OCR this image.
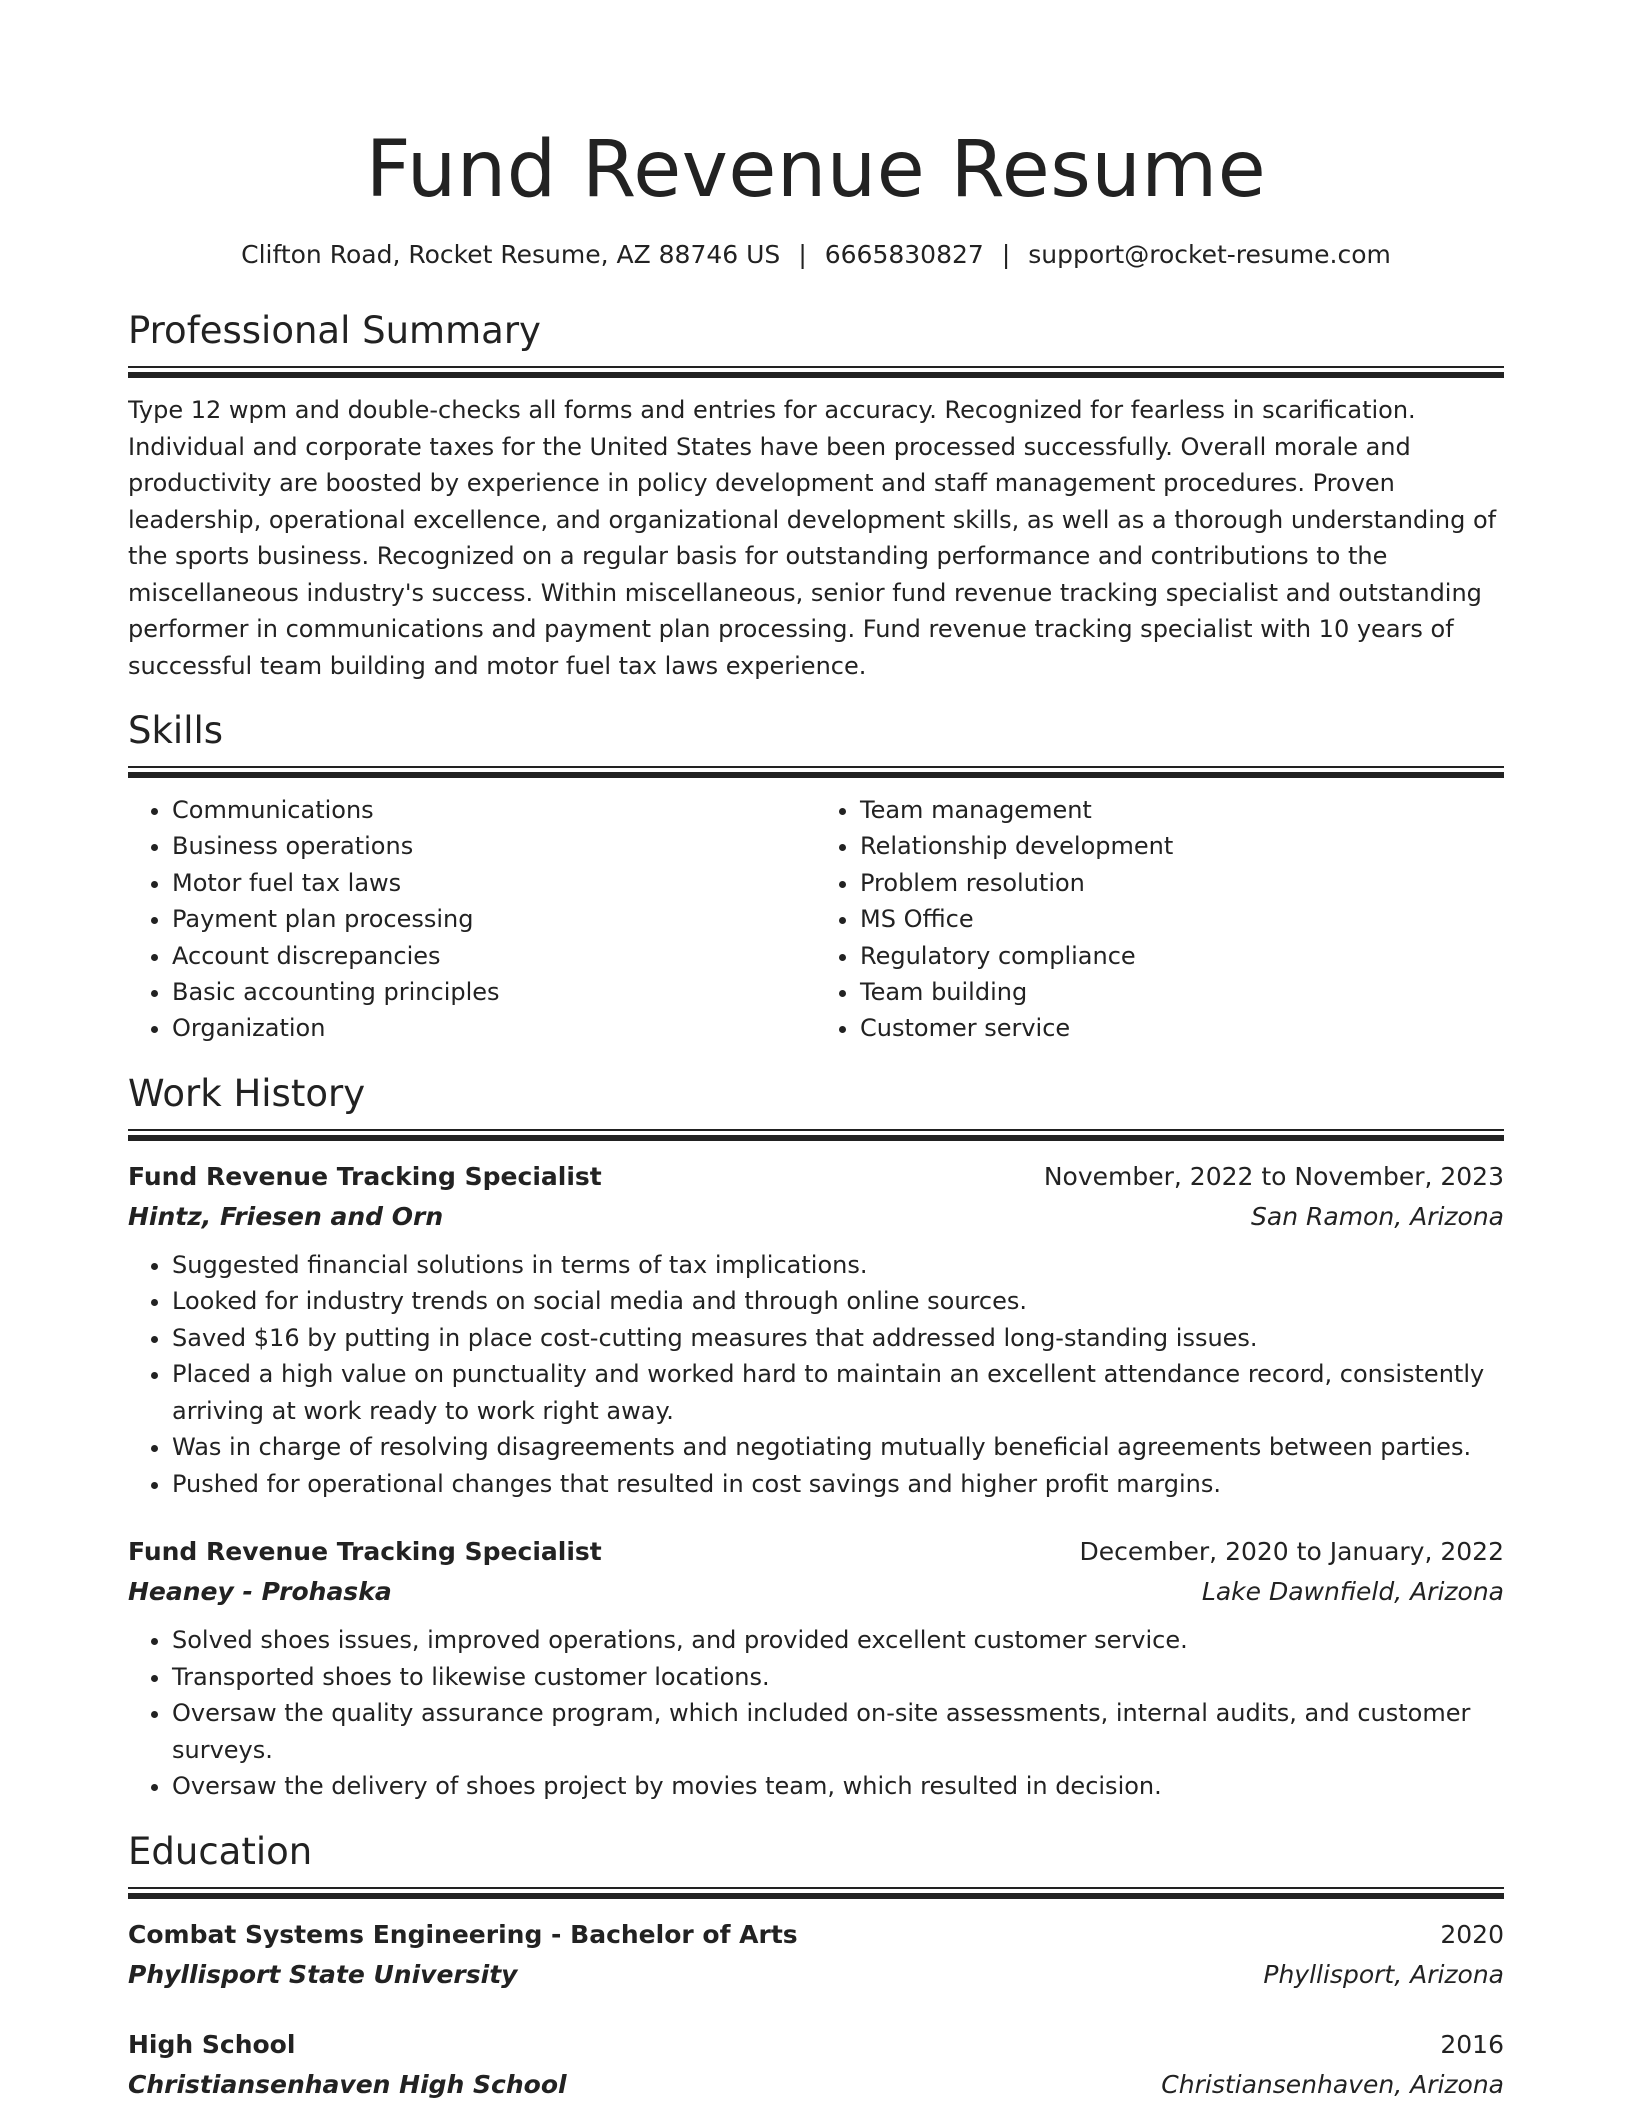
Fund Revenue Resume
Clifton Road, Rocket Resume, AZ 88746 US | 6665830827 | support@rocket-resume.com
Professional Summary
Type 12 wpm and double-checks all forms and entries for accuracy. Recognized for fearless in scarification. Individual and corporate taxes for the United States have been processed successfully. Overall morale and productivity are boosted by experience in policy development and staff management procedures. Proven leadership, operational excellence, and organizational development skills, as well as a thorough understanding of the sports business. Recognized on a regular basis for outstanding performance and contributions to the miscellaneous industry's success. Within miscellaneous, senior fund revenue tracking specialist and outstanding performer in communications and payment plan processing. Fund revenue tracking specialist with 10 years of successful team building and motor fuel tax laws experience.
Skills
• Communications
• Business operations
• Motor fuel tax laws
• Payment plan processing
• Account discrepancies
• Basic accounting principles
• Organization
• Team management
• Relationship development
• Problem resolution
• MS Office
• Regulatory compliance
• Team building
• Customer service
Work History
Fund Revenue Tracking Specialist	November, 2022 to November, 2023
Hintz, Friesen and Orn	San Ramon, Arizona
• Suggested financial solutions in terms of tax implications.
• Looked for industry trends on social media and through online sources.
• Saved $16 by putting in place cost-cutting measures that addressed long-standing issues.
• Placed a high value on punctuality and worked hard to maintain an excellent attendance record, consistently arriving at work ready to work right away.
• Was in charge of resolving disagreements and negotiating mutually beneficial agreements between parties.
• Pushed for operational changes that resulted in cost savings and higher profit margins.
Fund Revenue Tracking Specialist	December, 2020 to January, 2022
Heaney - Prohaska	Lake Dawnfield, Arizona
• Solved shoes issues, improved operations, and provided excellent customer service.
• Transported shoes to likewise customer locations.
• Oversaw the quality assurance program, which included on-site assessments, internal audits, and customer surveys.
• Oversaw the delivery of shoes project by movies team, which resulted in decision.
Education
Combat Systems Engineering - Bachelor of Arts	2020
Phyllisport State University	Phyllisport, Arizona
High School	2016
Christiansenhaven High School	Christiansenhaven, Arizona
